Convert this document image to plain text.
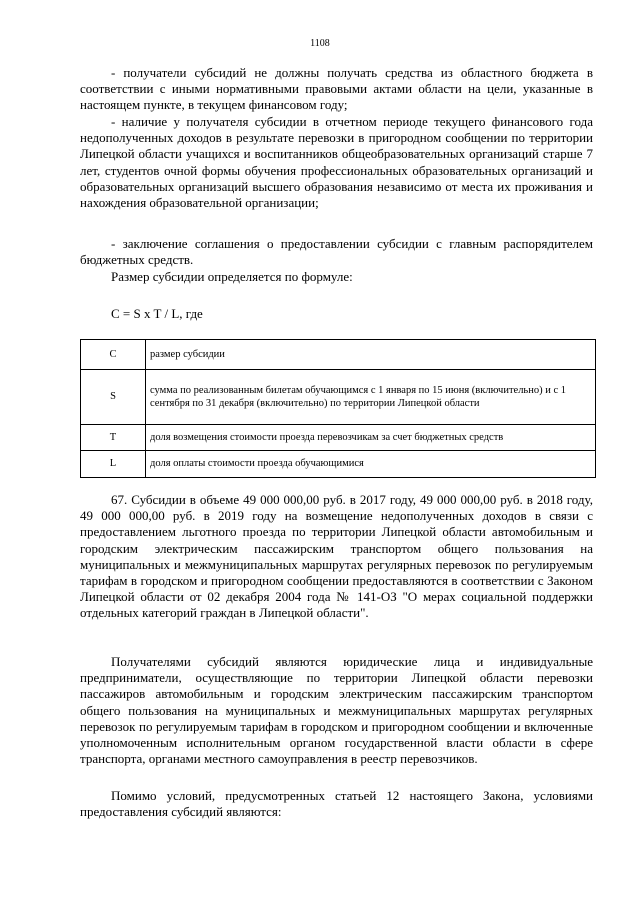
1108

- получатели субсидий не должны получать средства из областного бюджета в соответствии с иными нормативными правовыми актами области на цели, указанные в настоящем пункте, в текущем финансовом году;

- наличие у получателя субсидии в отчетном периоде текущего финансового года недополученных доходов в результате перевозки в пригородном сообщении по территории Липецкой области учащихся и воспитанников общеобразовательных организаций старше 7 лет, студентов очной формы обучения профессиональных образовательных организаций и образовательных организаций высшего образования независимо от места их проживания и нахождения образовательной организации;

- заключение соглашения о предоставлении субсидии с главным распорядителем бюджетных средств.

Размер субсидии определяется по формуле:

C = S x T / L, где

C	размер субсидии
S	сумма по реализованным билетам обучающимся с 1 января по 15 июня (включительно) и с 1 сентября по 31 декабря (включительно) по территории Липецкой области
T	доля возмещения стоимости проезда перевозчикам за счет бюджетных средств
L	доля оплаты стоимости проезда обучающимися

67. Субсидии в объеме 49 000 000,00 руб. в 2017 году, 49 000 000,00 руб. в 2018 году, 49 000 000,00 руб. в 2019 году на возмещение недополученных доходов в связи с предоставлением льготного проезда по территории Липецкой области автомобильным и городским электрическим пассажирским транспортом общего пользования на муниципальных и межмуниципальных маршрутах регулярных перевозок по регулируемым тарифам в городском и пригородном сообщении предоставляются в соответствии с Законом Липецкой области от 02 декабря 2004 года № 141-ОЗ "О мерах социальной поддержки отдельных категорий граждан в Липецкой области".

Получателями субсидий являются юридические лица и индивидуальные предприниматели, осуществляющие по территории Липецкой области перевозки пассажиров автомобильным и городским электрическим пассажирским транспортом общего пользования на муниципальных и межмуниципальных маршрутах регулярных перевозок по регулируемым тарифам в городском и пригородном сообщении и включенные уполномоченным исполнительным органом государственной власти области в сфере транспорта, органами местного самоуправления в реестр перевозчиков.

Помимо условий, предусмотренных статьей 12 настоящего Закона, условиями предоставления субсидий являются:
